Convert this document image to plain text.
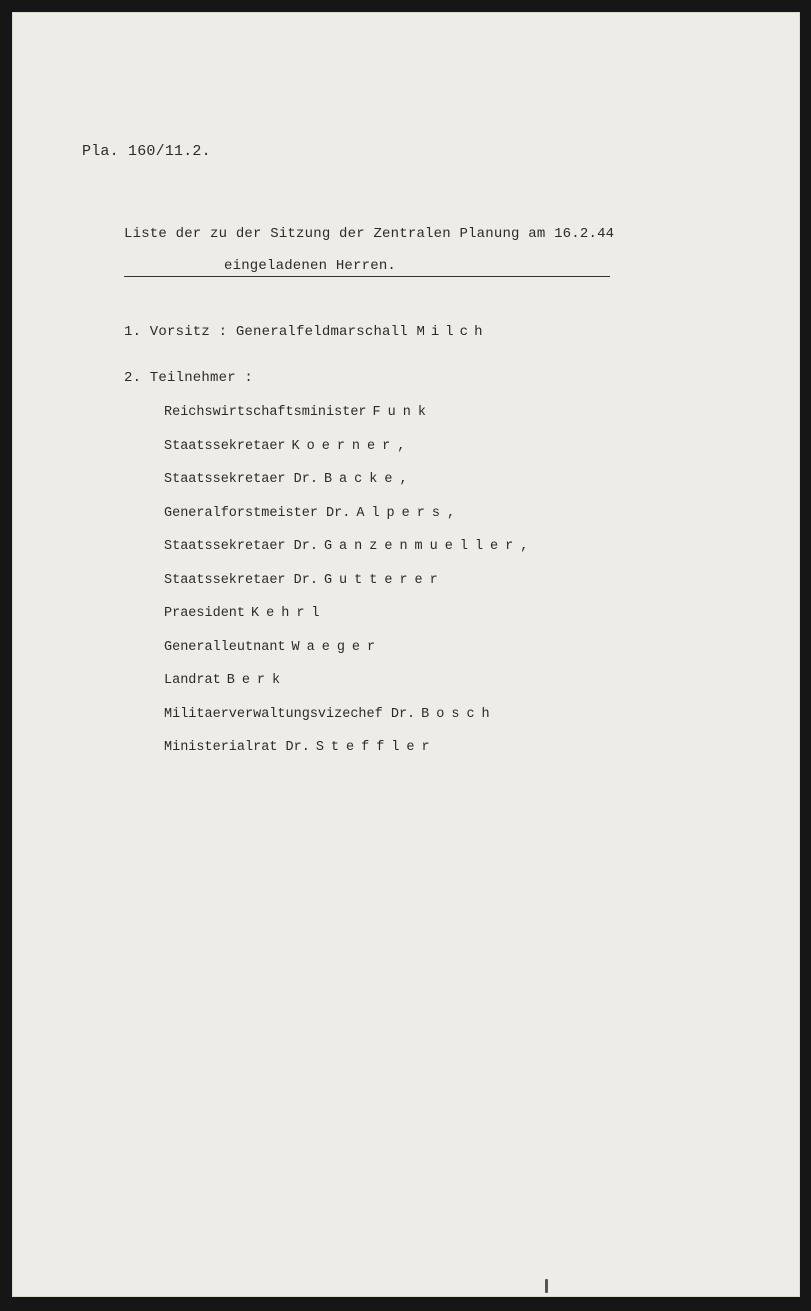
Pla. 160/11.2.
Liste der zu der Sitzung der Zentralen Planung am 16.2.44
eingeladenen Herren.
1. Vorsitz : Generalfeldmarschall Milch
2. Teilnehmer :
Reichswirtschaftsminister Funk
Staatssekretaer Koerner,
Staatssekretaer Dr. Backe,
Generalforstmeister Dr. Alpers,
Staatssekretaer Dr. Ganzenmueller,
Staatssekretaer Dr. Gutterer
Praesident Kehrl
Generalleutnant Waeger
Landrat Berk
Militaerverwaltungsvizechef Dr. Bosch
Ministerialrat Dr. Steffler
